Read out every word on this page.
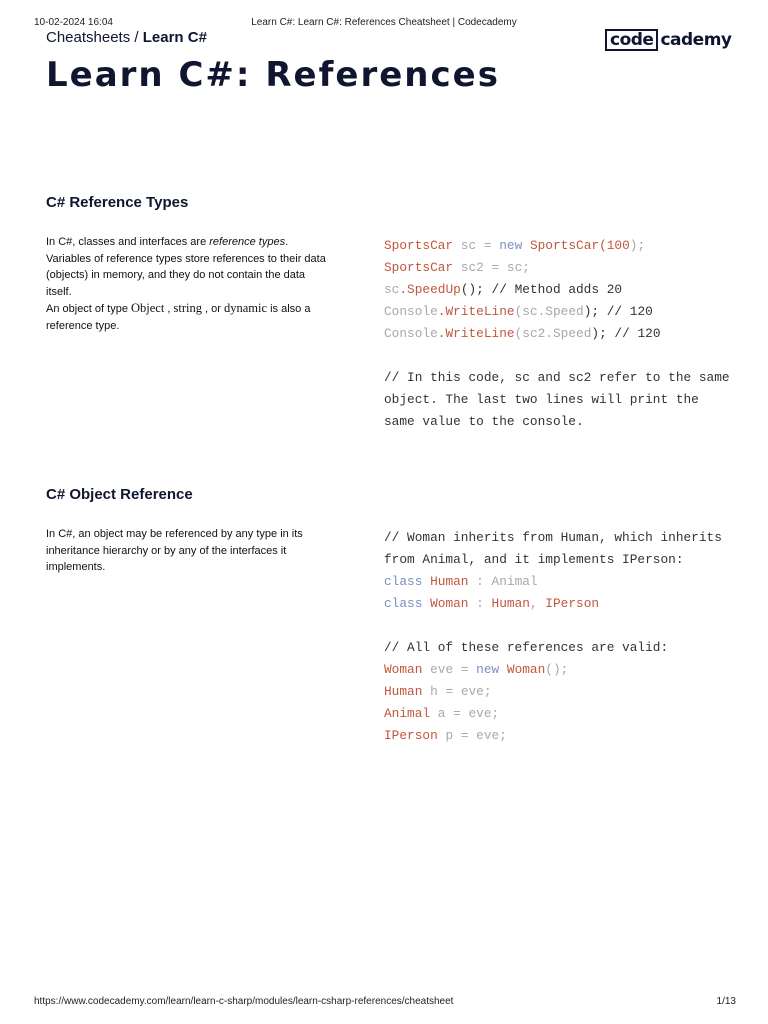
10-02-2024 16:04	Learn C#: Learn C#: References Cheatsheet | Codecademy
Cheatsheets / Learn C#	code cademy
Learn C#: References
C# Reference Types
In C#, classes and interfaces are reference types. Variables of reference types store references to their data (objects) in memory, and they do not contain the data itself.
An object of type Object , string , or dynamic is also a reference type.
SportsCar sc = new SportsCar(100);
SportsCar sc2 = sc;
sc.SpeedUp(); // Method adds 20
Console.WriteLine(sc.Speed); // 120
Console.WriteLine(sc2.Speed); // 120

// In this code, sc and sc2 refer to the same object. The last two lines will print the same value to the console.
C# Object Reference
In C#, an object may be referenced by any type in its inheritance hierarchy or by any of the interfaces it implements.
// Woman inherits from Human, which inherits from Animal, and it implements IPerson:
class Human : Animal
class Woman : Human, IPerson

// All of these references are valid:
Woman eve = new Woman();
Human h = eve;
Animal a = eve;
IPerson p = eve;
https://www.codecademy.com/learn/learn-c-sharp/modules/learn-csharp-references/cheatsheet	1/13
